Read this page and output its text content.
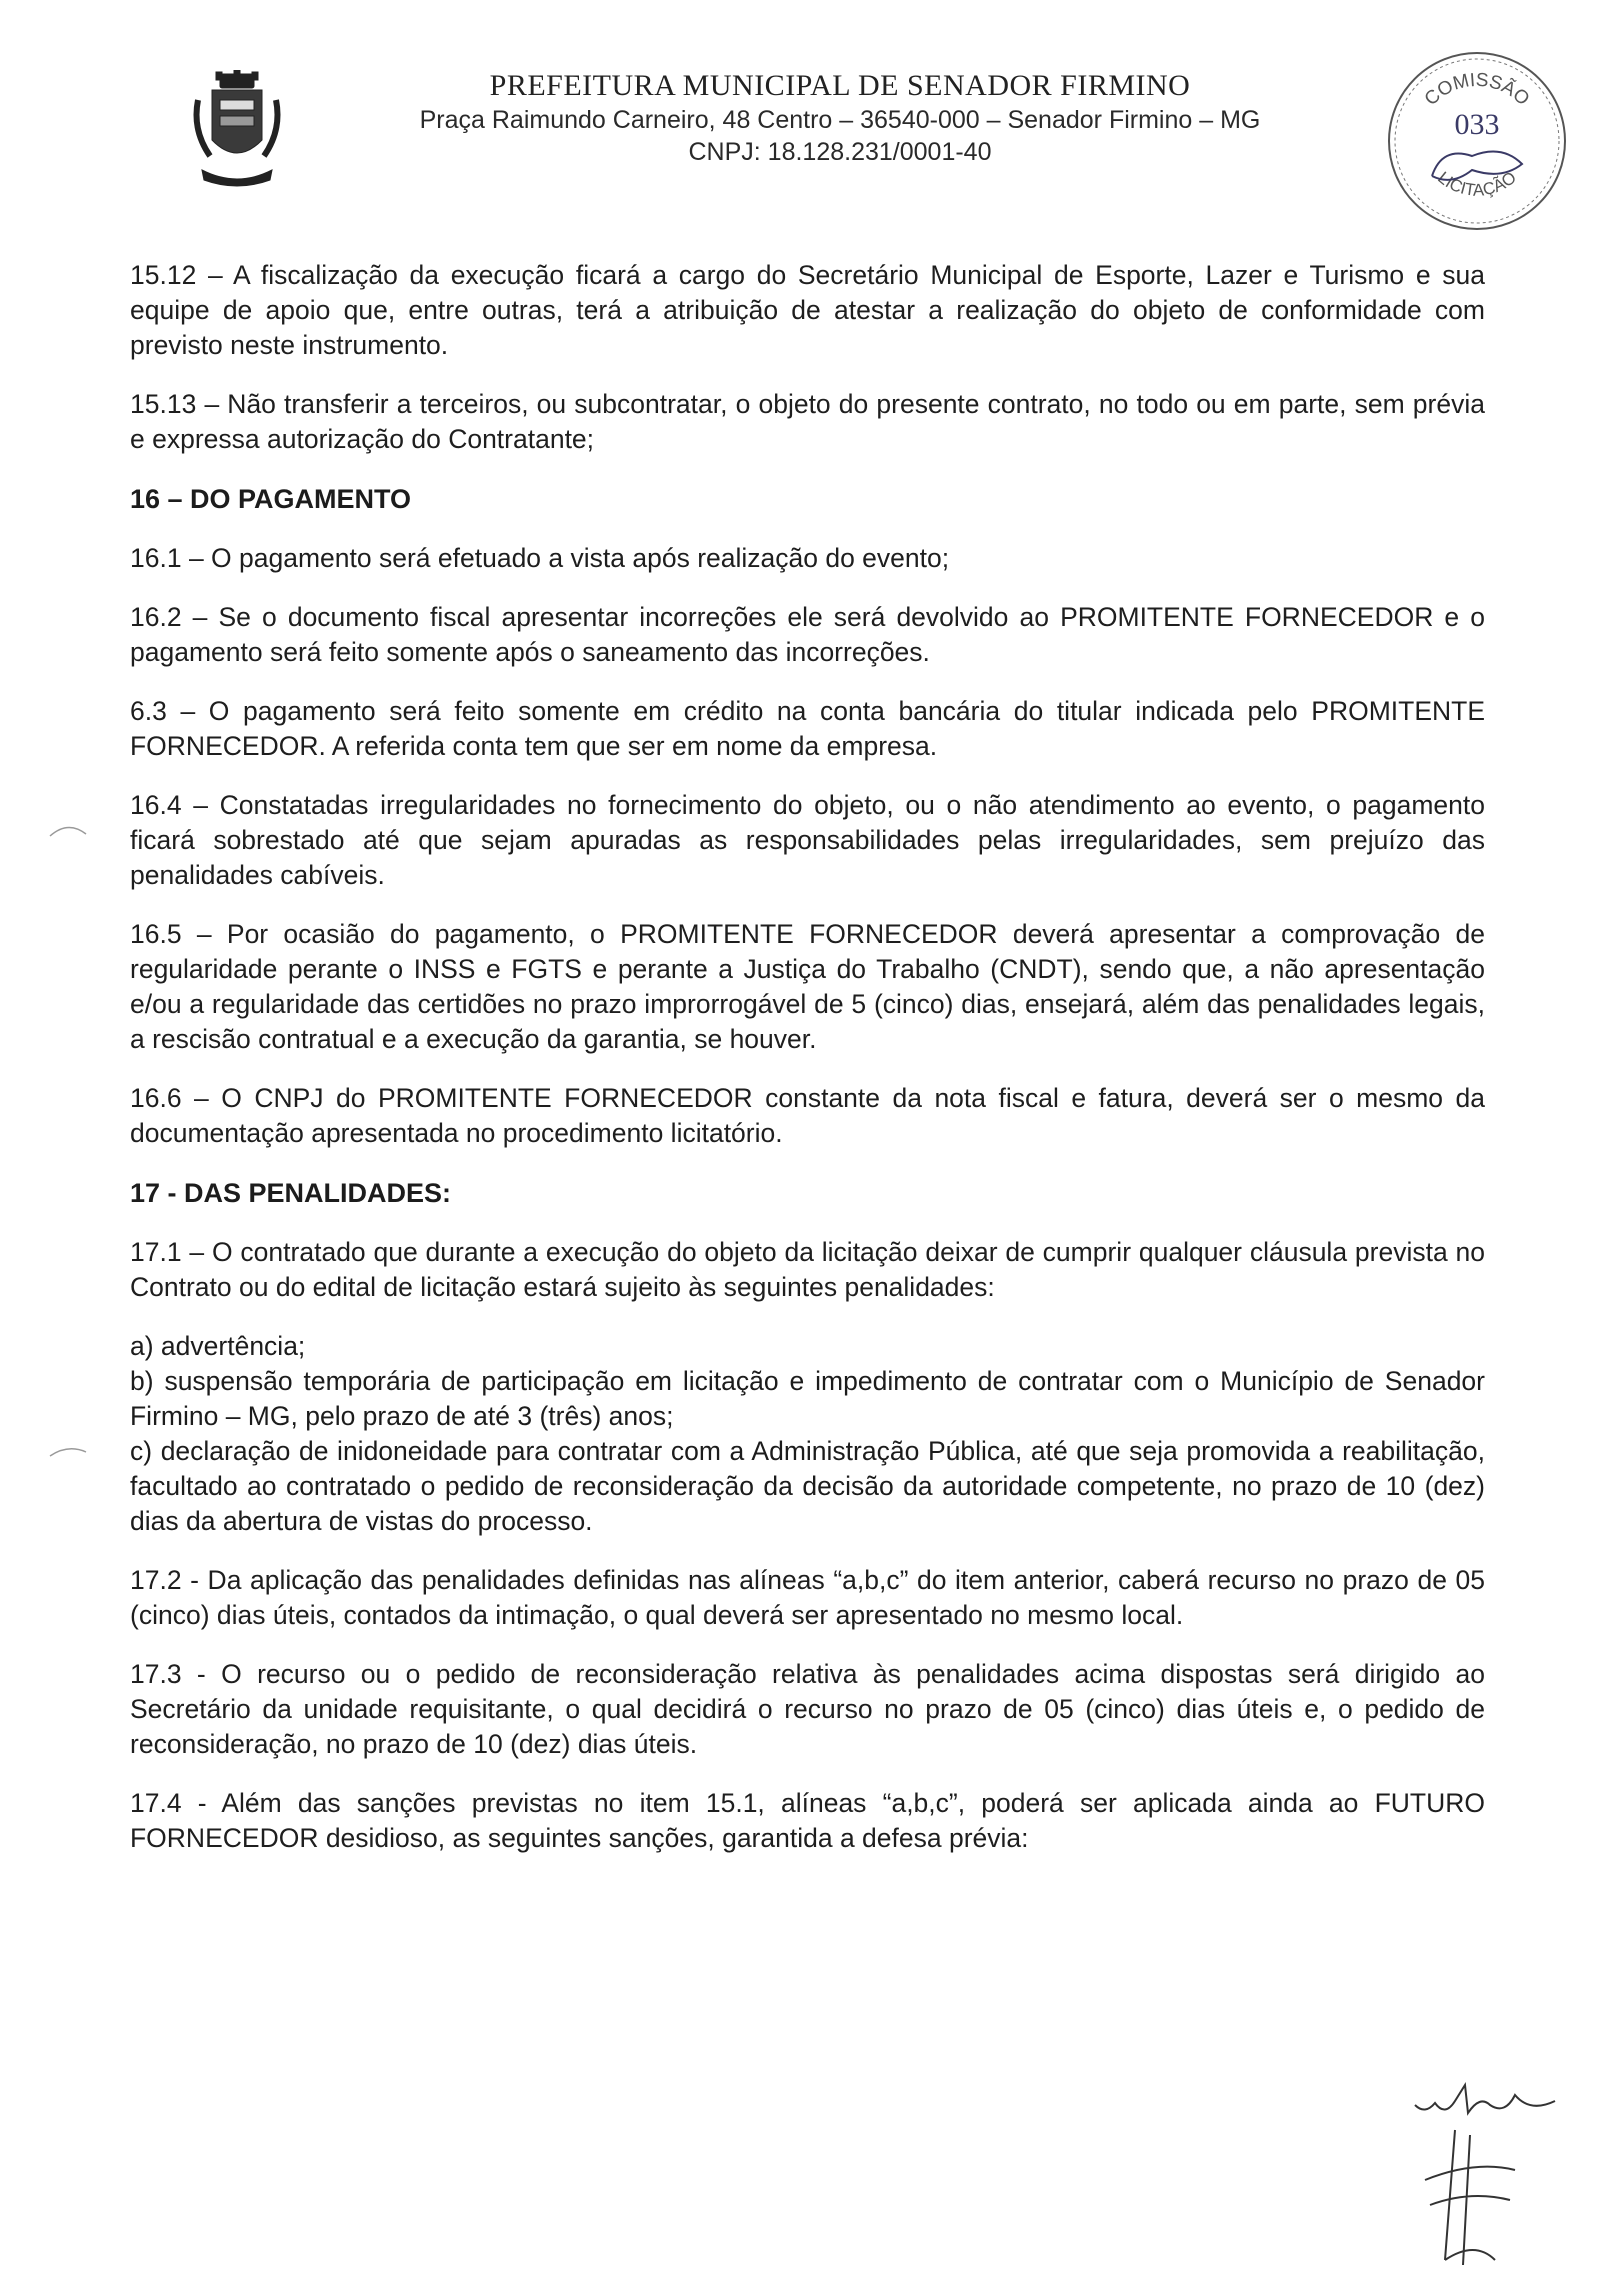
PREFEITURA MUNICIPAL DE SENADOR FIRMINO
Praça Raimundo Carneiro, 48 Centro – 36540-000 – Senador Firmino – MG
CNPJ: 18.128.231/0001-40
COMISSÃO
LICITAÇÃO
033

15.12 – A fiscalização da execução ficará a cargo do Secretário Municipal de Esporte, Lazer e Turismo e sua equipe de apoio que, entre outras, terá a atribuição de atestar a realização do objeto de conformidade com previsto neste instrumento.

15.13 – Não transferir a terceiros, ou subcontratar, o objeto do presente contrato, no todo ou em parte, sem prévia e expressa autorização do Contratante;

16 – DO PAGAMENTO

16.1 – O pagamento será efetuado a vista após realização do evento;

16.2 – Se o documento fiscal apresentar incorreções ele será devolvido ao PROMITENTE FORNECEDOR e o pagamento será feito somente após o saneamento das incorreções.

6.3 – O pagamento será feito somente em crédito na conta bancária do titular indicada pelo PROMITENTE FORNECEDOR. A referida conta tem que ser em nome da empresa.

16.4 – Constatadas irregularidades no fornecimento do objeto, ou o não atendimento ao evento, o pagamento ficará sobrestado até que sejam apuradas as responsabilidades pelas irregularidades, sem prejuízo das penalidades cabíveis.

16.5 – Por ocasião do pagamento, o PROMITENTE FORNECEDOR deverá apresentar a comprovação de regularidade perante o INSS e FGTS e perante a Justiça do Trabalho (CNDT), sendo que, a não apresentação e/ou a regularidade das certidões no prazo improrrogável de 5 (cinco) dias, ensejará, além das penalidades legais, a rescisão contratual e a execução da garantia, se houver.

16.6 – O CNPJ do PROMITENTE FORNECEDOR constante da nota fiscal e fatura, deverá ser o mesmo da documentação apresentada no procedimento licitatório.

17 - DAS PENALIDADES:

17.1 – O contratado que durante a execução do objeto da licitação deixar de cumprir qualquer cláusula prevista no Contrato ou do edital de licitação estará sujeito às seguintes penalidades:

a) advertência;
b) suspensão temporária de participação em licitação e impedimento de contratar com o Município de Senador Firmino – MG, pelo prazo de até 3 (três) anos;
c) declaração de inidoneidade para contratar com a Administração Pública, até que seja promovida a reabilitação, facultado ao contratado o pedido de reconsideração da decisão da autoridade competente, no prazo de 10 (dez) dias da abertura de vistas do processo.

17.2 - Da aplicação das penalidades definidas nas alíneas “a,b,c” do item anterior, caberá recurso no prazo de 05 (cinco) dias úteis, contados da intimação, o qual deverá ser apresentado no mesmo local.

17.3 - O recurso ou o pedido de reconsideração relativa às penalidades acima dispostas será dirigido ao Secretário da unidade requisitante, o qual decidirá o recurso no prazo de 05 (cinco) dias úteis e, o pedido de reconsideração, no prazo de 10 (dez) dias úteis.

17.4 - Além das sanções previstas no item 15.1, alíneas “a,b,c”, poderá ser aplicada ainda ao FUTURO FORNECEDOR desidioso, as seguintes sanções, garantida a defesa prévia:
